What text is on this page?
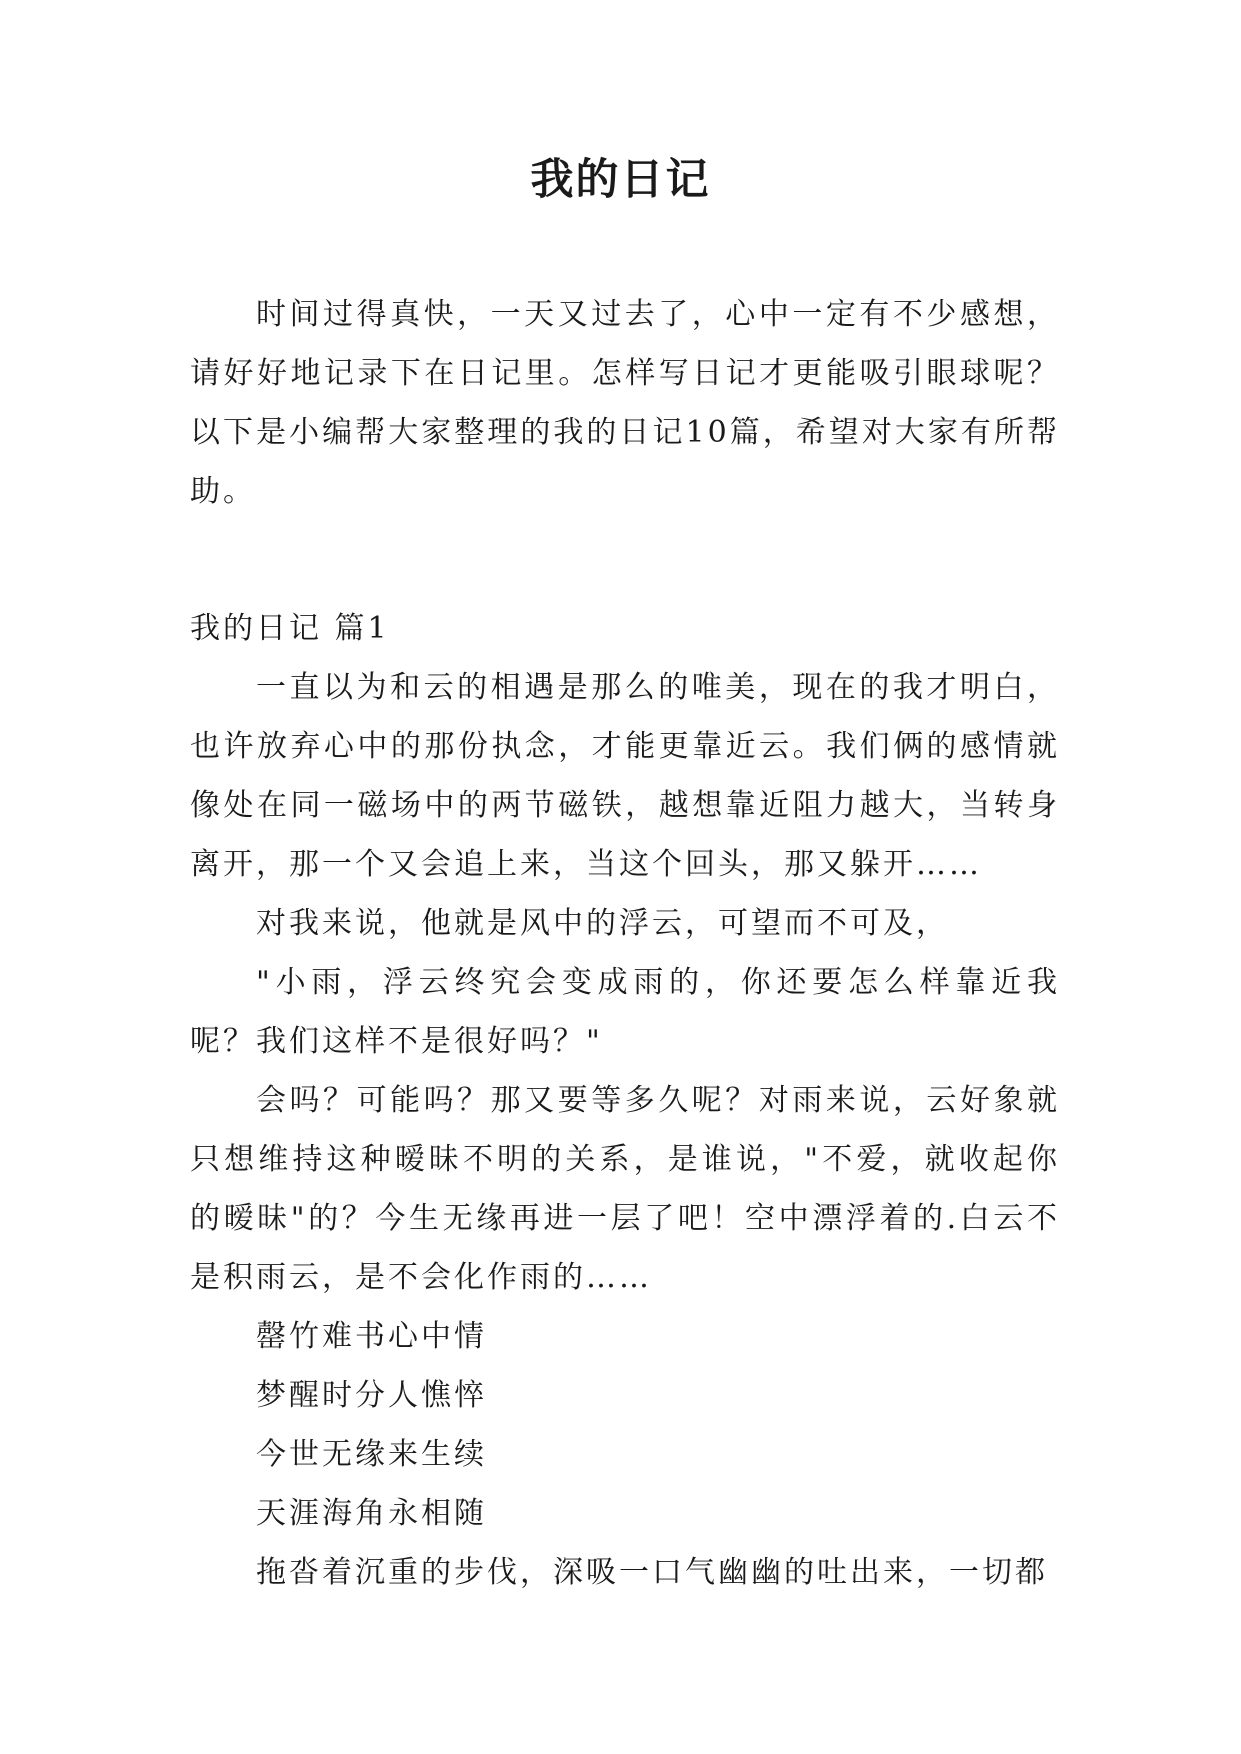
我的日记

时间过得真快，一天又过去了，心中一定有不少感想，请好好地记录下在日记里。怎样写日记才更能吸引眼球呢？以下是小编帮大家整理的我的日记10篇，希望对大家有所帮助。

我的日记 篇1

一直以为和云的相遇是那么的唯美，现在的我才明白，也许放弃心中的那份执念，才能更靠近云。我们俩的感情就像处在同一磁场中的两节磁铁，越想靠近阻力越大，当转身离开，那一个又会追上来，当这个回头，那又躲开……

对我来说，他就是风中的浮云，可望而不可及，

"小雨，浮云终究会变成雨的，你还要怎么样靠近我呢？我们这样不是很好吗？"

会吗？可能吗？那又要等多久呢？对雨来说，云好象就只想维持这种暧昧不明的关系，是谁说，"不爱，就收起你的暧昧"的？今生无缘再进一层了吧！空中漂浮着的.白云不是积雨云，是不会化作雨的……

罄竹难书心中情

梦醒时分人憔悴

今世无缘来生续

天涯海角永相随

拖沓着沉重的步伐，深吸一口气幽幽的吐出来，一切都
